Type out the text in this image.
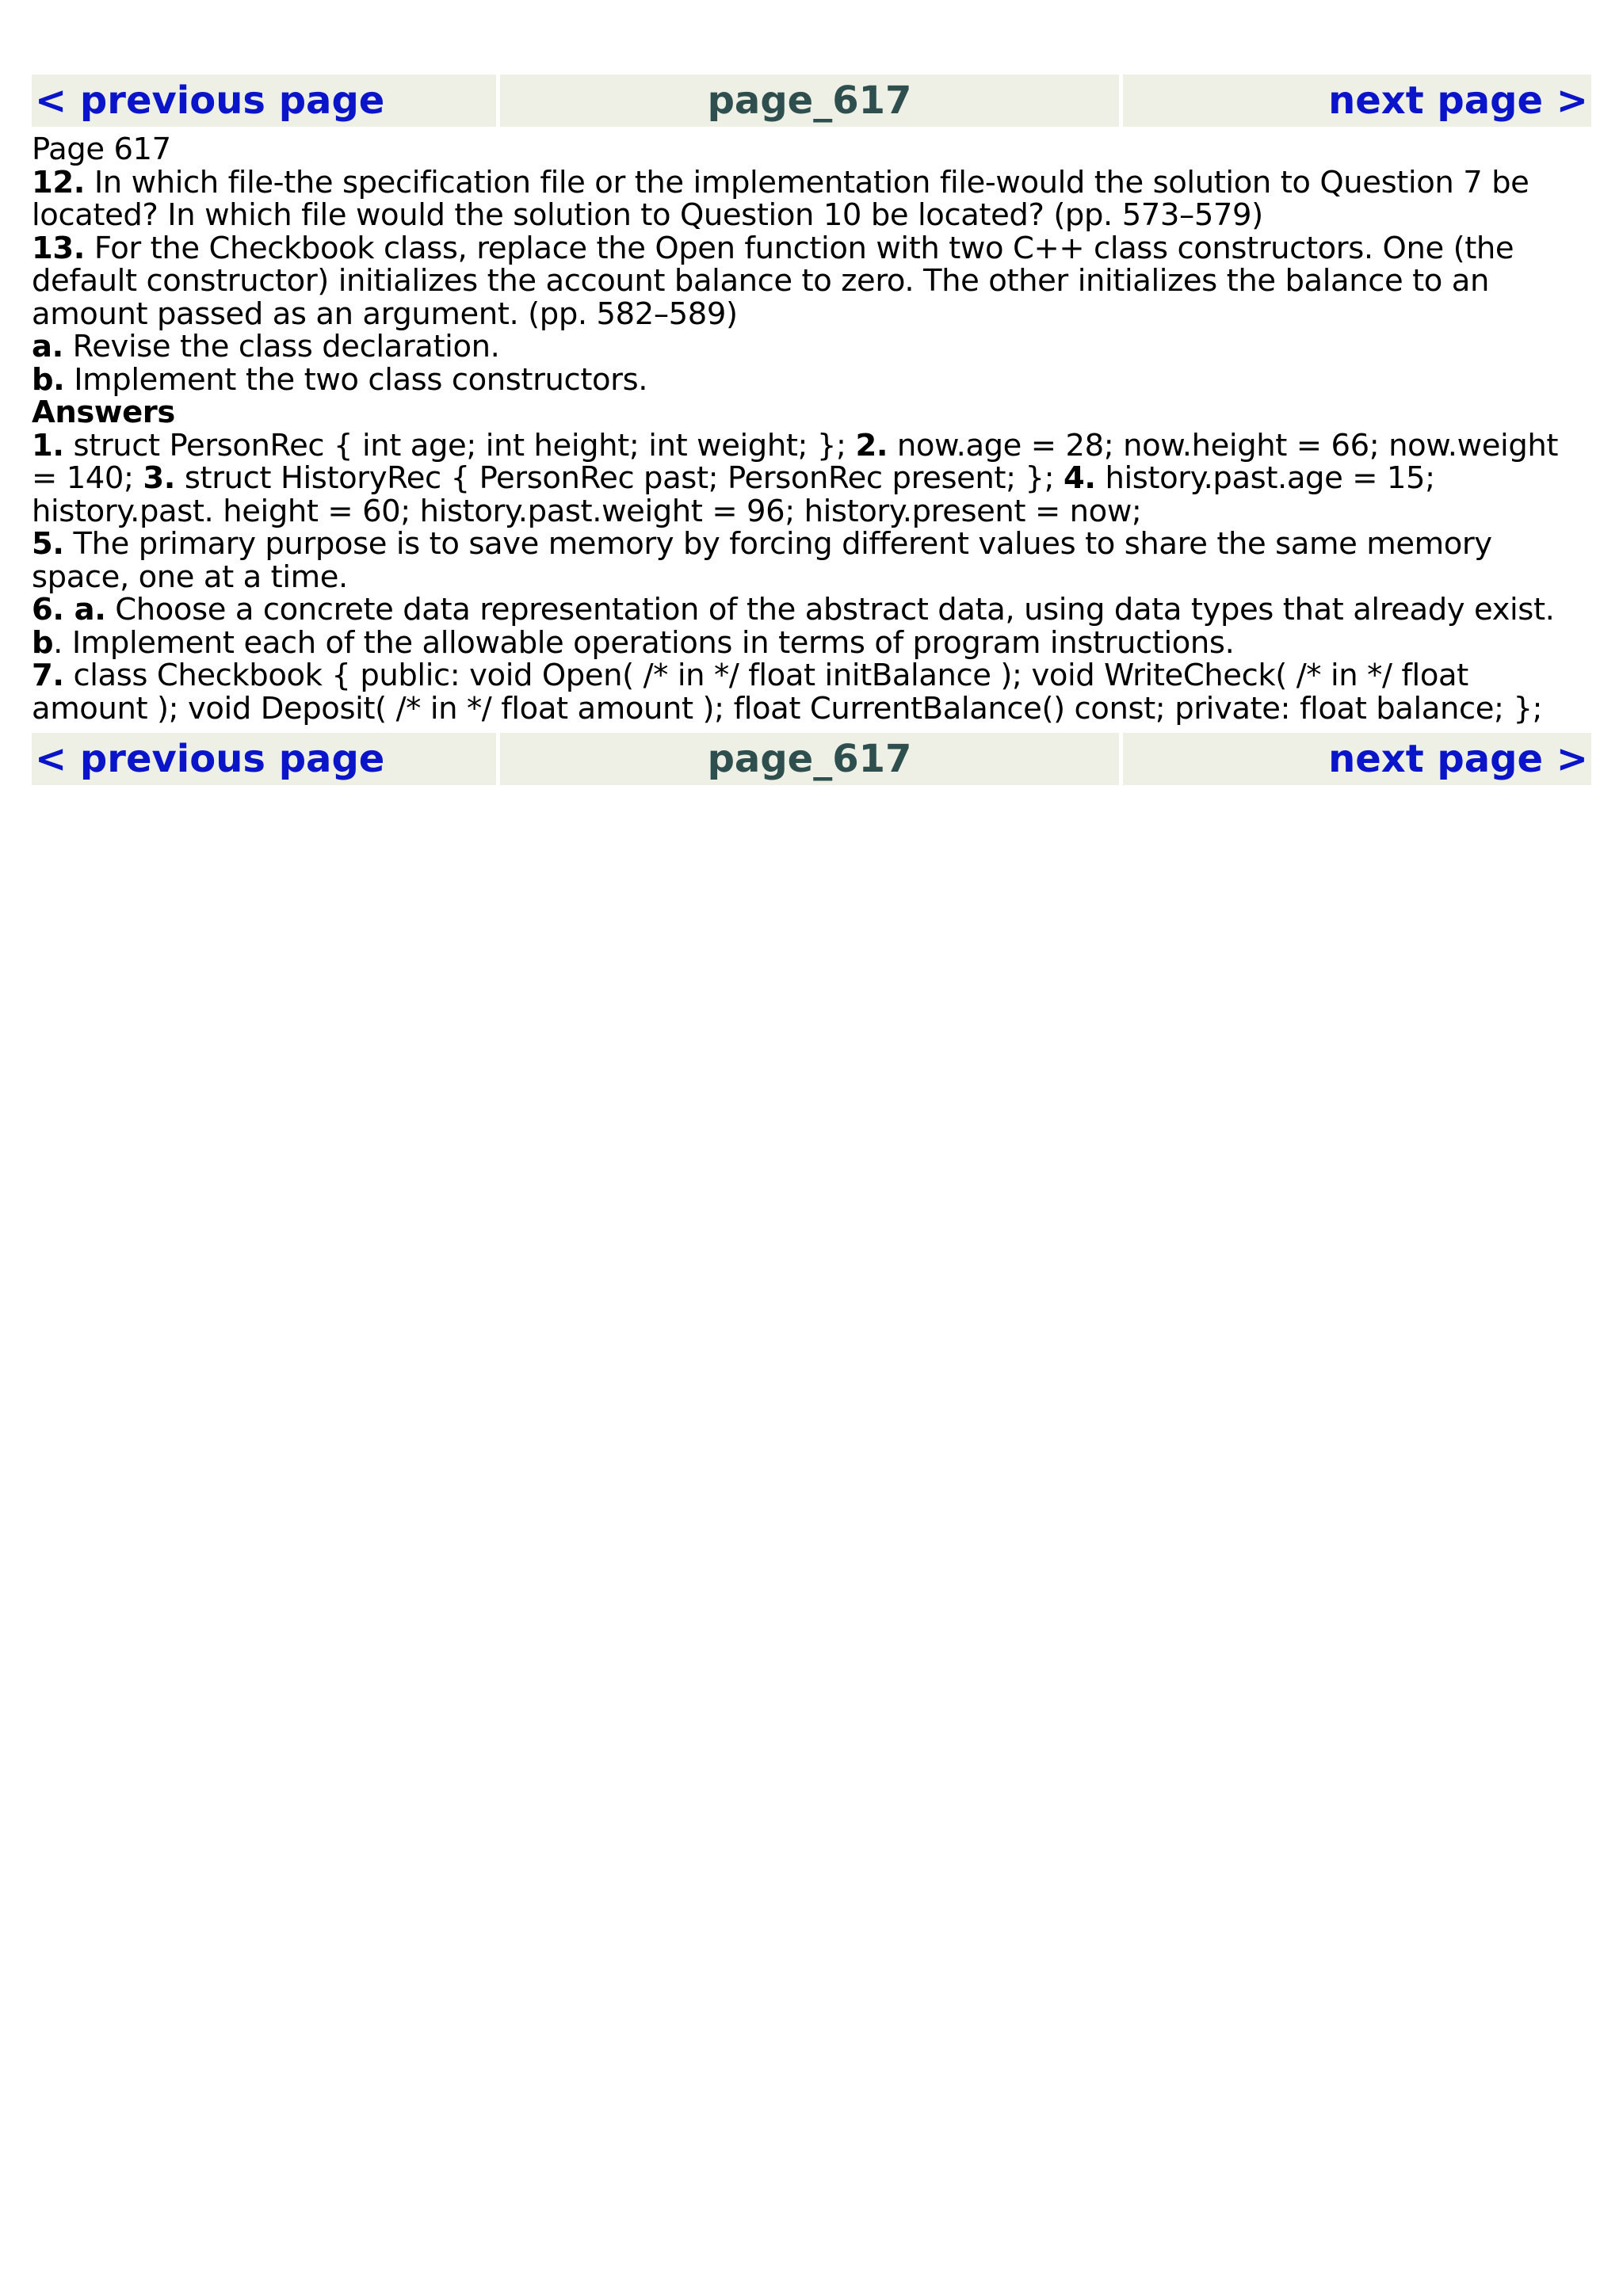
< previous page	page_617	next page >

Page 617

12. In which file-the specification file or the implementation file-would the solution to Question 7 be located? In which file would the solution to Question 10 be located? (pp. 573–579)

13. For the Checkbook class, replace the Open function with two C++ class constructors. One (the default constructor) initializes the account balance to zero. The other initializes the balance to an amount passed as an argument. (pp. 582–589)

a. Revise the class declaration.

b. Implement the two class constructors.

Answers

1. struct PersonRec { int age; int height; int weight; }; 2. now.age = 28; now.height = 66; now.weight = 140; 3. struct HistoryRec { PersonRec past; PersonRec present; }; 4. history.past.age = 15; history.past. height = 60; history.past.weight = 96; history.present = now;

5. The primary purpose is to save memory by forcing different values to share the same memory space, one at a time.

6. a. Choose a concrete data representation of the abstract data, using data types that already exist. b. Implement each of the allowable operations in terms of program instructions.

7. class Checkbook { public: void Open( /* in */ float initBalance ); void WriteCheck( /* in */ float amount ); void Deposit( /* in */ float amount ); float CurrentBalance() const; private: float balance; };

< previous page	page_617	next page >
